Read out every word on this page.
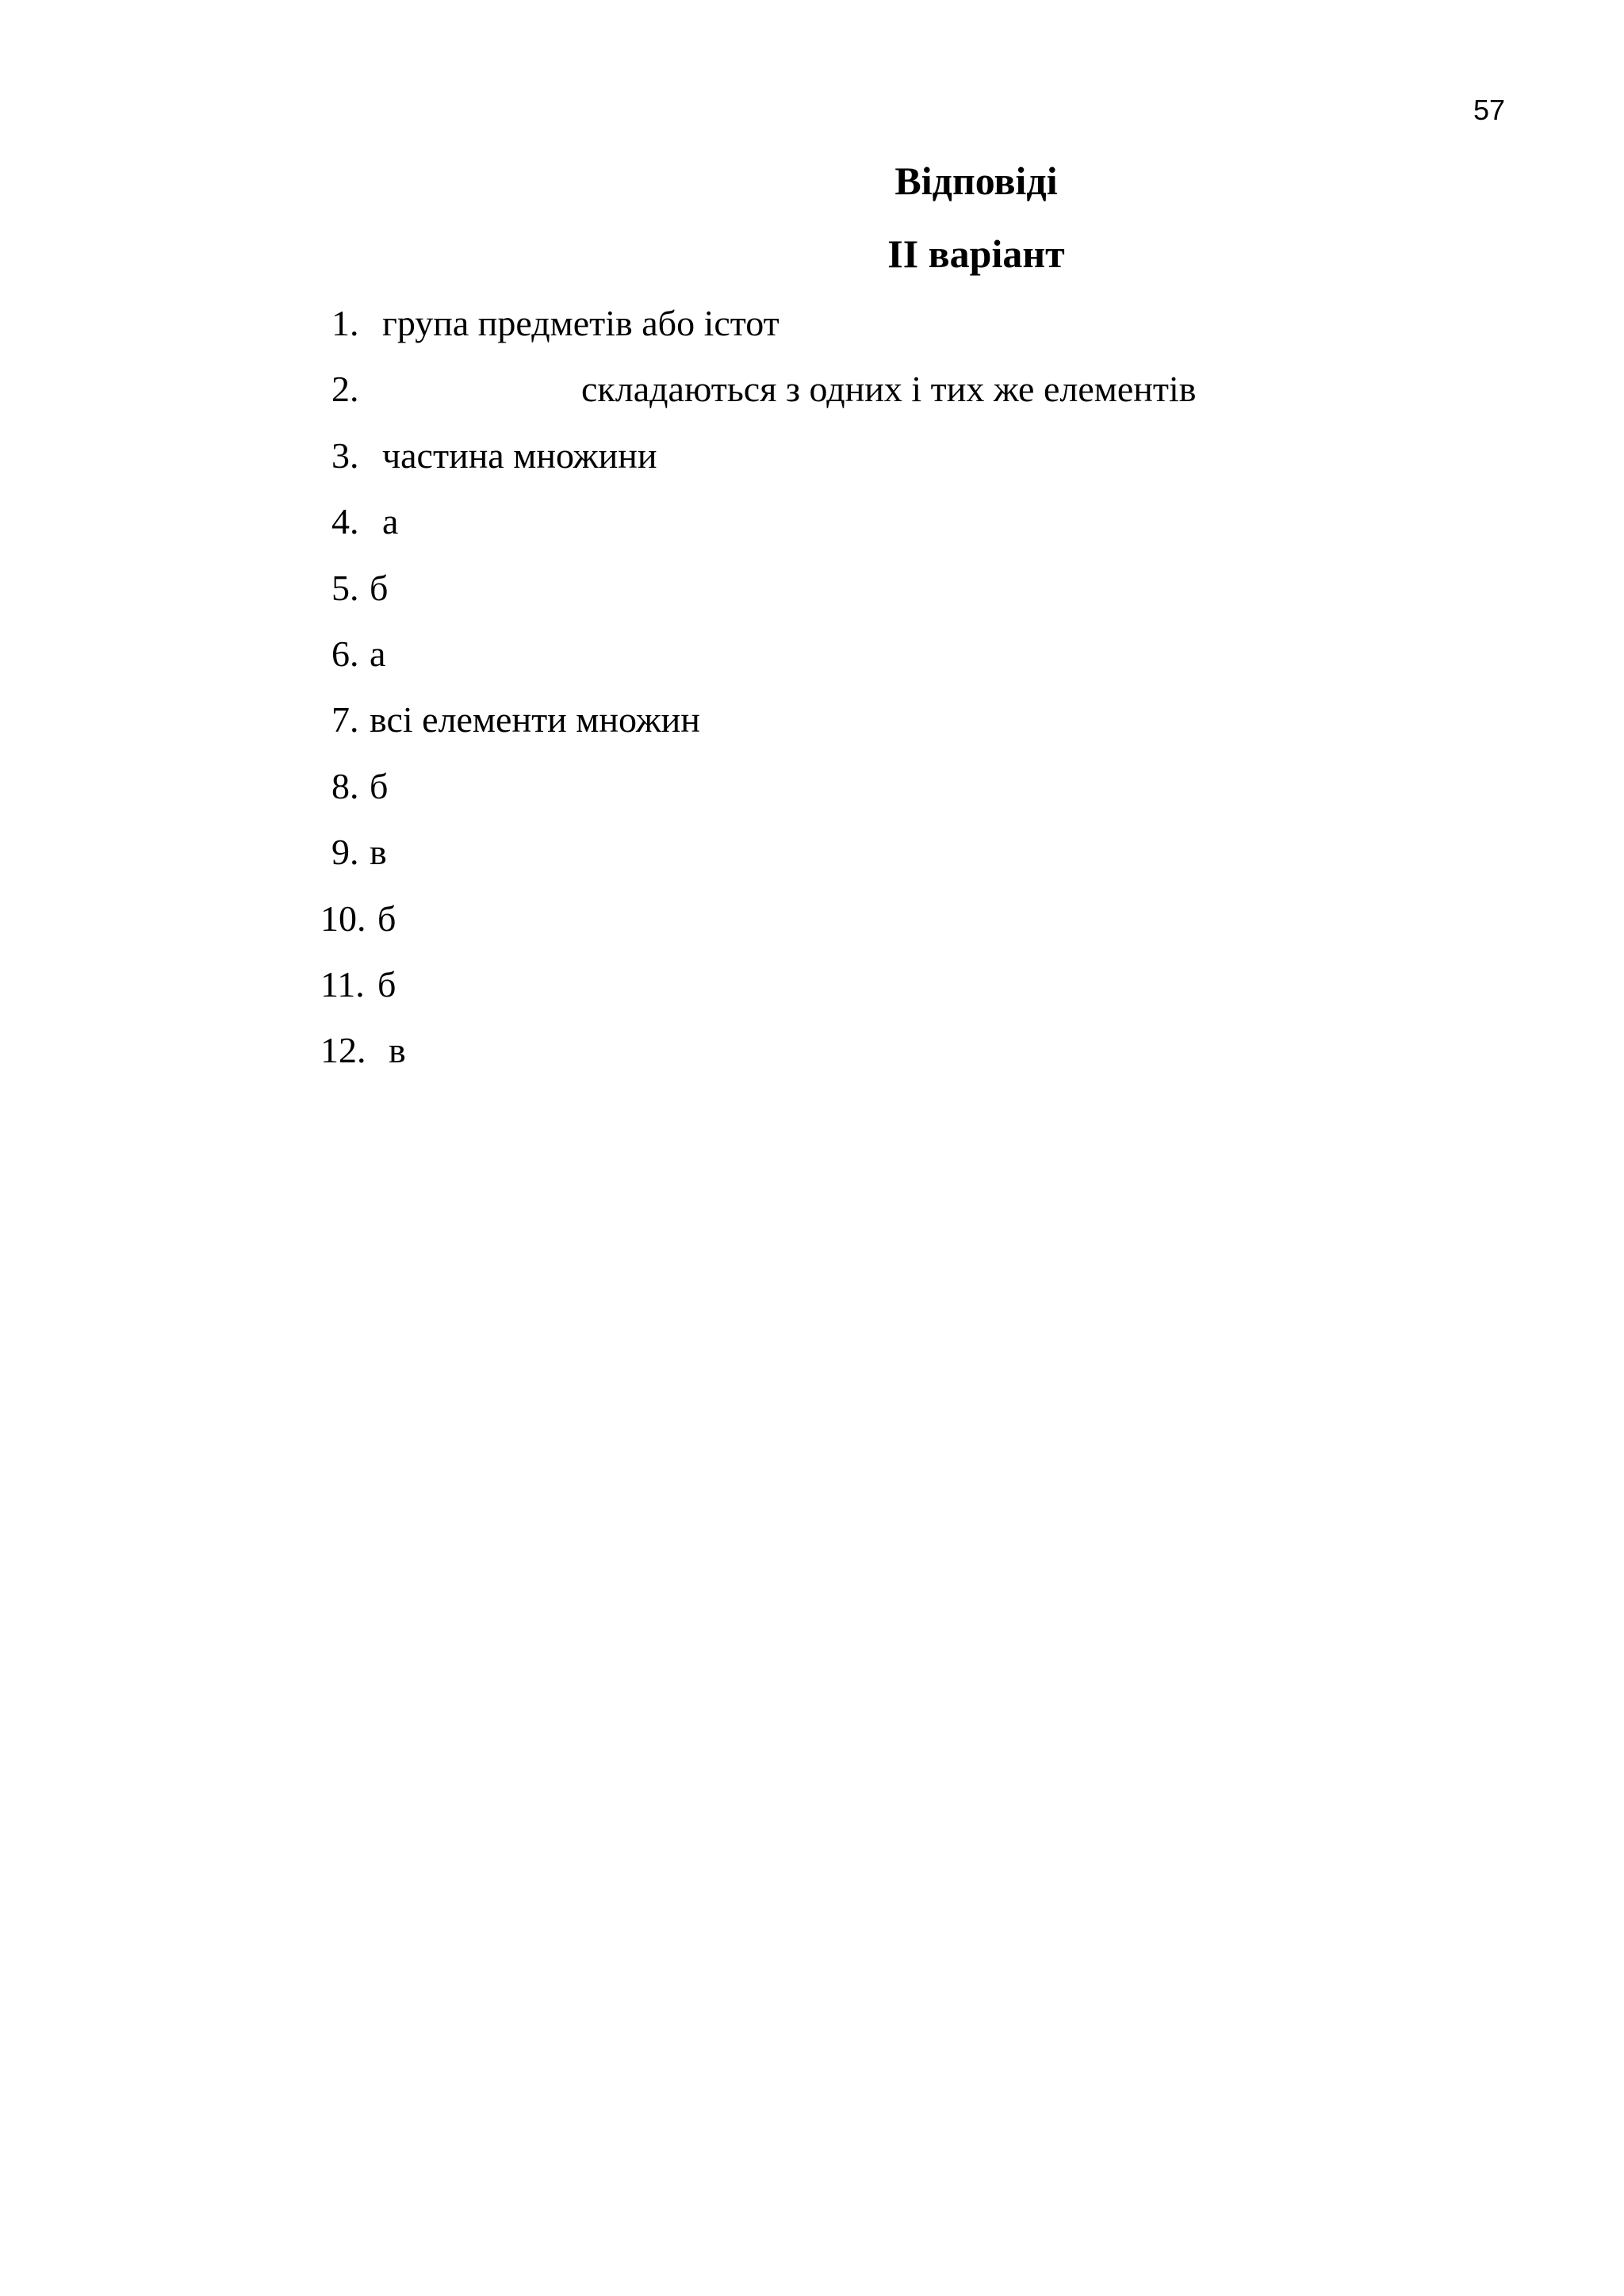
57
Відповіді
II варіант
1. група предметів або істот
2.	складаються з одних і тих же елементів
3. частина множини
4. а
5. б
6. а
7. всі елементи множин
8. б
9. в
10. б
11. б
12. в
